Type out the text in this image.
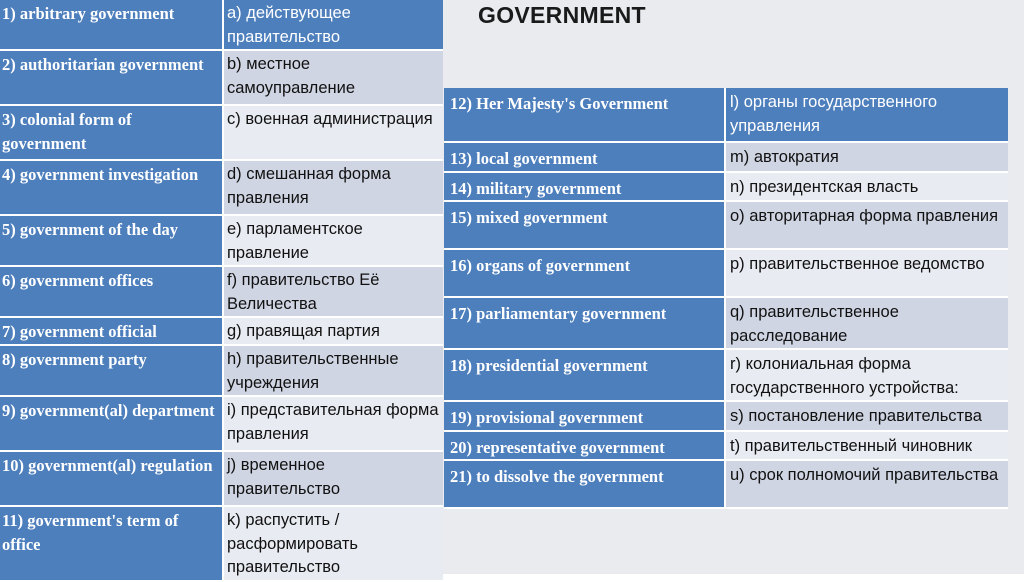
GOVERNMENT
1) arbitrary government	a) действующее правительство
2) authoritarian government	b) местное самоуправление
3) colonial form of government	c) военная администрация
4) government investigation	d) смешанная форма правления
5) government of the day	e) парламентское правление
6) government offices	f) правительство Её Величества
7) government official	g) правящая партия
8) government party	h) правительственные учреждения
9) government(al) department	i) представительная форма правления
10) government(al) regulation	j) временное правительство
11) government's term of office	k) распустить / расформировать правительство
12) Her Majesty's Government	l) органы государственного управления
13) local government	m) автократия
14) military government	n) президентская власть
15) mixed government	o) авторитарная форма правления
16) organs of government	p) правительственное ведомство
17) parliamentary government	q) правительственное расследование
18) presidential government	r) колониальная форма государственного устройства:
19) provisional government	s) постановление правительства
20) representative government	t) правительственный чиновник
21) to dissolve the government	u) срок полномочий правительства
